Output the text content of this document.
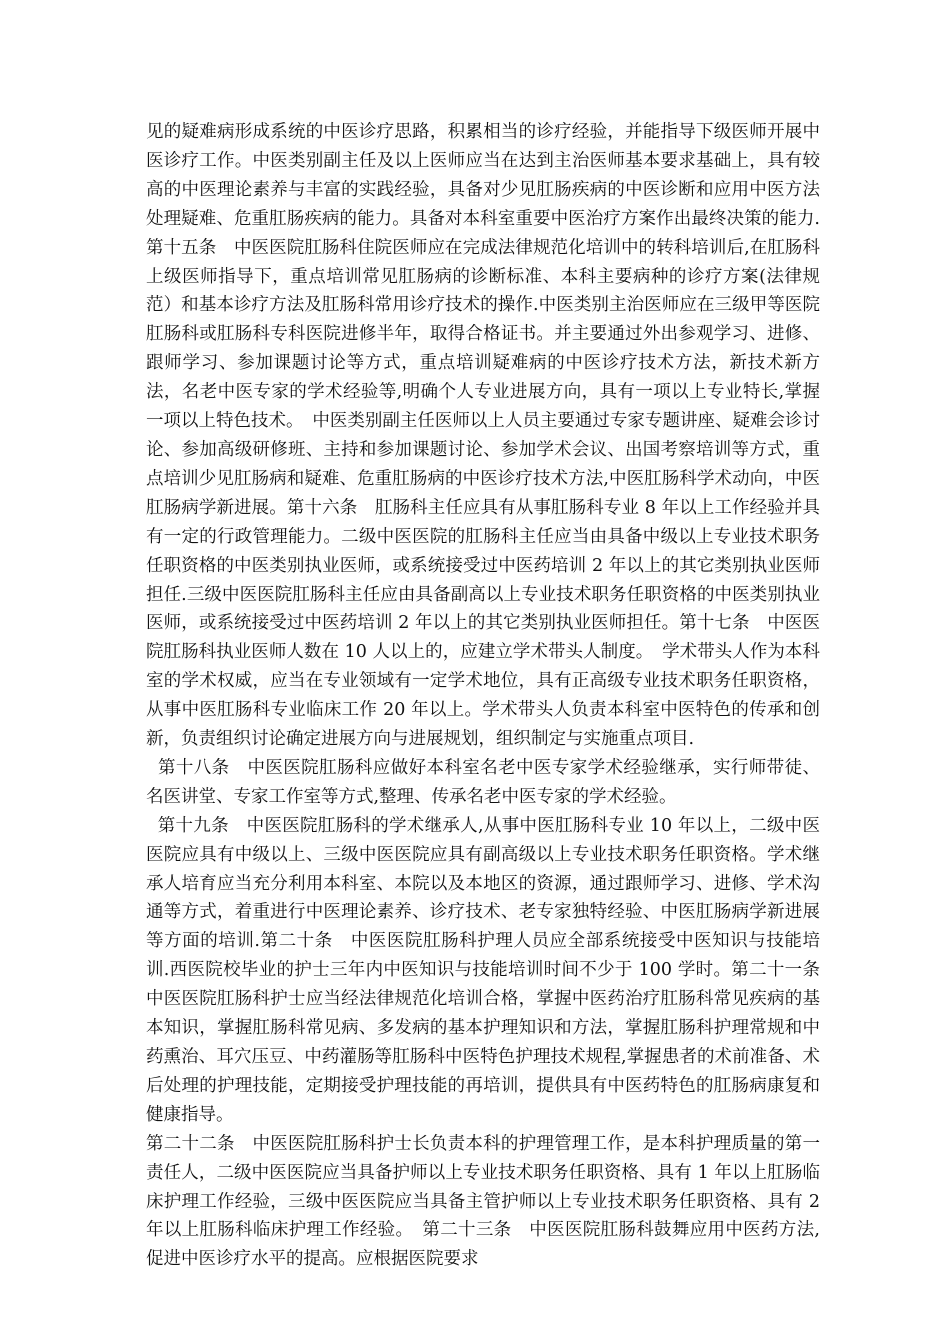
见的疑难病形成系统的中医诊疗思路，积累相当的诊疗经验，并能指导下级医师开展中医诊疗工作。中医类别副主任及以上医师应当在达到主治医师基本要求基础上，具有较高的中医理论素养与丰富的实践经验，具备对少见肛肠疾病的中医诊断和应用中医方法处理疑难、危重肛肠疾病的能力。具备对本科室重要中医治疗方案作出最终决策的能力.第十五条　中医医院肛肠科住院医师应在完成法律规范化培训中的转科培训后,在肛肠科上级医师指导下，重点培训常见肛肠病的诊断标准、本科主要病种的诊疗方案(法律规范）和基本诊疗方法及肛肠科常用诊疗技术的操作.中医类别主治医师应在三级甲等医院肛肠科或肛肠科专科医院进修半年，取得合格证书。并主要通过外出参观学习、进修、跟师学习、参加课题讨论等方式，重点培训疑难病的中医诊疗技术方法，新技术新方法，名老中医专家的学术经验等,明确个人专业进展方向，具有一项以上专业特长,掌握一项以上特色技术。　中医类别副主任医师以上人员主要通过专家专题讲座、疑难会诊讨论、参加高级研修班、主持和参加课题讨论、参加学术会议、出国考察培训等方式，重点培训少见肛肠病和疑难、危重肛肠病的中医诊疗技术方法,中医肛肠科学术动向，中医肛肠病学新进展。第十六条　肛肠科主任应具有从事肛肠科专业 8 年以上工作经验并具有一定的行政管理能力。二级中医医院的肛肠科主任应当由具备中级以上专业技术职务任职资格的中医类别执业医师，或系统接受过中医药培训 2 年以上的其它类别执业医师担任.三级中医医院肛肠科主任应由具备副高以上专业技术职务任职资格的中医类别执业医师，或系统接受过中医药培训 2 年以上的其它类别执业医师担任。第十七条　中医医院肛肠科执业医师人数在 10 人以上的，应建立学术带头人制度。　学术带头人作为本科室的学术权威，应当在专业领域有一定学术地位，具有正高级专业技术职务任职资格，从事中医肛肠科专业临床工作 20 年以上。学术带头人负责本科室中医特色的传承和创新，负责组织讨论确定进展方向与进展规划，组织制定与实施重点项目.

第十八条　中医医院肛肠科应做好本科室名老中医专家学术经验继承，实行师带徒、名医讲堂、专家工作室等方式,整理、传承名老中医专家的学术经验。

第十九条　中医医院肛肠科的学术继承人,从事中医肛肠科专业 10 年以上，二级中医医院应具有中级以上、三级中医医院应具有副高级以上专业技术职务任职资格。学术继承人培育应当充分利用本科室、本院以及本地区的资源，通过跟师学习、进修、学术沟通等方式，着重进行中医理论素养、诊疗技术、老专家独特经验、中医肛肠病学新进展等方面的培训.第二十条　中医医院肛肠科护理人员应全部系统接受中医知识与技能培训.西医院校毕业的护士三年内中医知识与技能培训时间不少于 100 学时。第二十一条　中医医院肛肠科护士应当经法律规范化培训合格，掌握中医药治疗肛肠科常见疾病的基本知识，掌握肛肠科常见病、多发病的基本护理知识和方法，掌握肛肠科护理常规和中药熏治、耳穴压豆、中药灌肠等肛肠科中医特色护理技术规程,掌握患者的术前准备、术后处理的护理技能，定期接受护理技能的再培训，提供具有中医药特色的肛肠病康复和健康指导。

第二十二条　中医医院肛肠科护士长负责本科的护理管理工作，是本科护理质量的第一责任人，二级中医医院应当具备护师以上专业技术职务任职资格、具有 1 年以上肛肠临床护理工作经验，三级中医医院应当具备主管护师以上专业技术职务任职资格、具有 2 年以上肛肠科临床护理工作经验。　第二十三条　中医医院肛肠科鼓舞应用中医药方法,促进中医诊疗水平的提高。应根据医院要求
